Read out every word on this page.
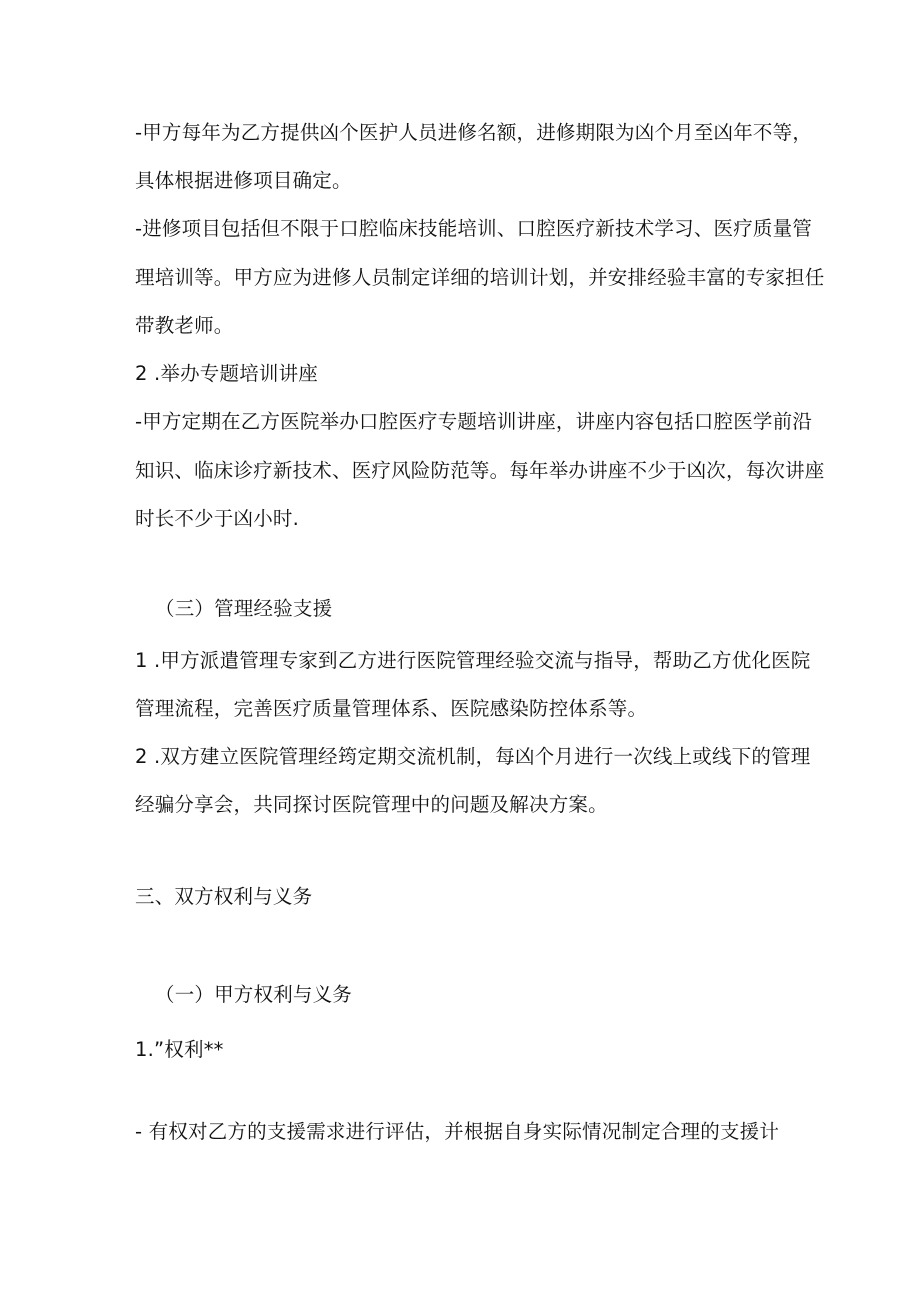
-甲方每年为乙方提供凶个医护人员进修名额，进修期限为凶个月至凶年不等，
具体根据进修项目确定。
-进修项目包括但不限于口腔临床技能培训、口腔医疗新技术学习、医疗质量管
理培训等。甲方应为进修人员制定详细的培训计划，并安排经验丰富的专家担任
带教老师。
2 .举办专题培训讲座
-甲方定期在乙方医院举办口腔医疗专题培训讲座，讲座内容包括口腔医学前沿
知识、临床诊疗新技术、医疗风险防范等。每年举办讲座不少于凶次，每次讲座
时长不少于凶小时.
（三）管理经验支援
1 .甲方派遣管理专家到乙方进行医院管理经验交流与指导，帮助乙方优化医院
管理流程，完善医疗质量管理体系、医院感染防控体系等。
2 .双方建立医院管理经筠定期交流机制，每凶个月进行一次线上或线下的管理
经骗分享会，共同探讨医院管理中的问题及解决方案。
三、双方权利与义务
（一）甲方权利与义务
1.”权利**
- 有权对乙方的支援需求进行评估，并根据自身实际情况制定合理的支援计
